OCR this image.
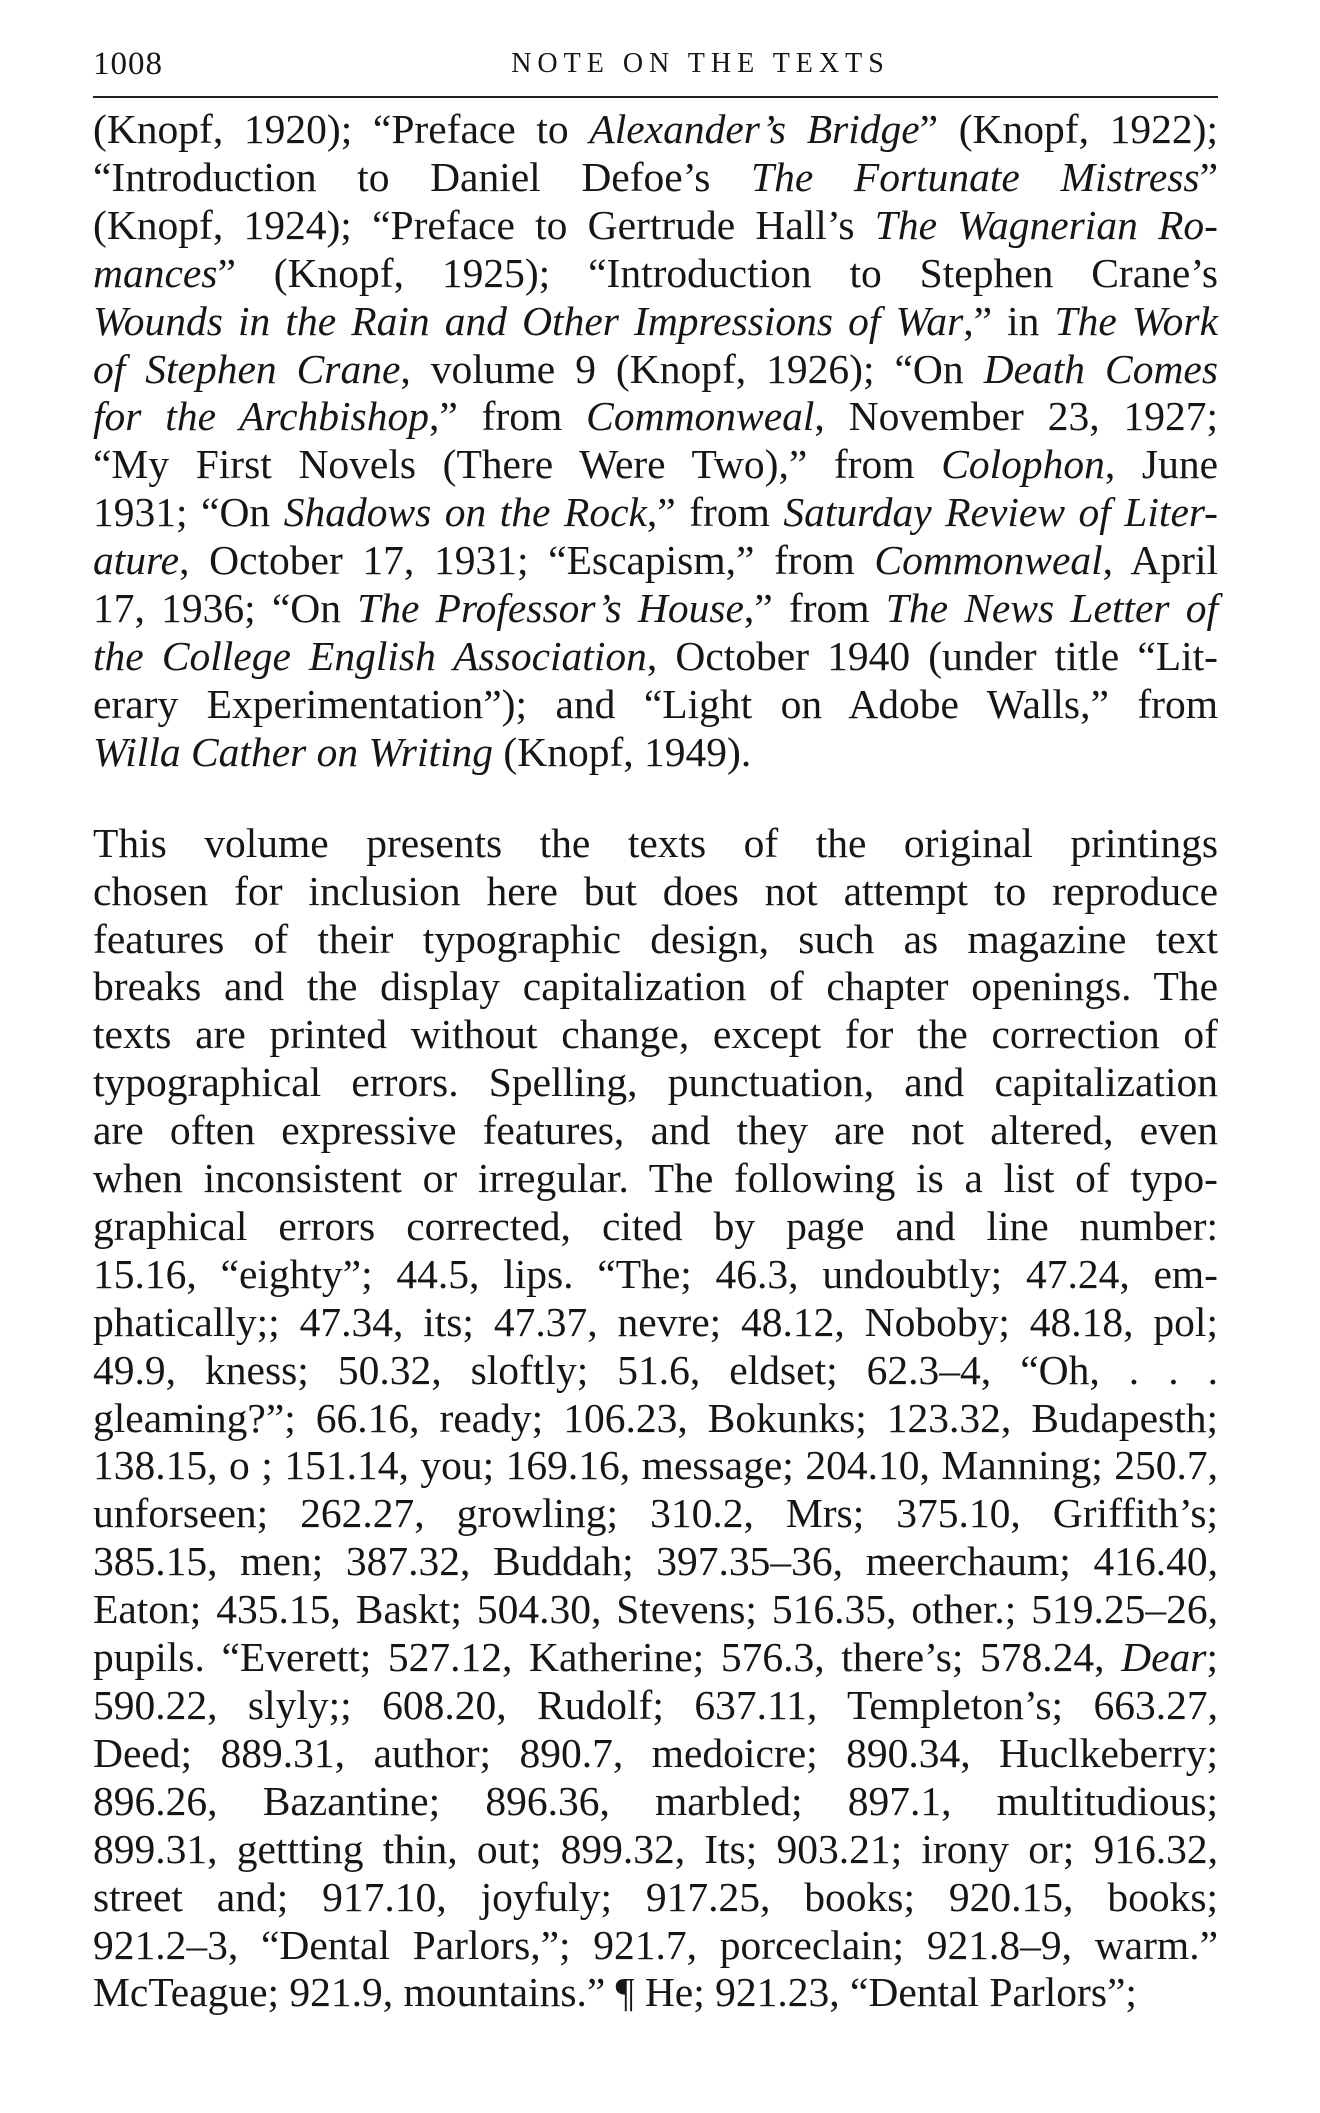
1008	NOTE ON THE TEXTS

(Knopf, 1920); “Preface to Alexander’s Bridge” (Knopf, 1922);
“Introduction to Daniel Defoe’s The Fortunate Mistress”
(Knopf, 1924); “Preface to Gertrude Hall’s The Wagnerian Ro-
mances” (Knopf, 1925); “Introduction to Stephen Crane’s
Wounds in the Rain and Other Impressions of War,” in The Work
of Stephen Crane, volume 9 (Knopf, 1926); “On Death Comes
for the Archbishop,” from Commonweal, November 23, 1927;
“My First Novels (There Were Two),” from Colophon, June
1931; “On Shadows on the Rock,” from Saturday Review of Liter-
ature, October 17, 1931; “Escapism,” from Commonweal, April
17, 1936; “On The Professor’s House,” from The News Letter of
the College English Association, October 1940 (under title “Lit-
erary Experimentation”); and “Light on Adobe Walls,” from
Willa Cather on Writing (Knopf, 1949).

This volume presents the texts of the original printings
chosen for inclusion here but does not attempt to reproduce
features of their typographic design, such as magazine text
breaks and the display capitalization of chapter openings. The
texts are printed without change, except for the correction of
typographical errors. Spelling, punctuation, and capitalization
are often expressive features, and they are not altered, even
when inconsistent or irregular. The following is a list of typo-
graphical errors corrected, cited by page and line number:
15.16, “eighty”; 44.5, lips. “The; 46.3, undoubtly; 47.24, em-
phatically;; 47.34, its; 47.37, nevre; 48.12, Noboby; 48.18, pol;
49.9, kness; 50.32, sloftly; 51.6, eldset; 62.3–4, “Oh, . . .
gleaming?”; 66.16, ready; 106.23, Bokunks; 123.32, Budapesth;
138.15, o ; 151.14, you; 169.16, message; 204.10, Manning; 250.7,
unforseen; 262.27, growling; 310.2, Mrs; 375.10, Griffith’s;
385.15, men; 387.32, Buddah; 397.35–36, meerchaum; 416.40,
Eaton; 435.15, Baskt; 504.30, Stevens; 516.35, other.; 519.25–26,
pupils. “Everett; 527.12, Katherine; 576.3, there’s; 578.24, Dear;
590.22, slyly;; 608.20, Rudolf; 637.11, Templeton’s; 663.27,
Deed; 889.31, author; 890.7, medoicre; 890.34, Huclkeberry;
896.26, Bazantine; 896.36, marbled; 897.1, multitudious;
899.31, gettting thin, out; 899.32, Its; 903.21; irony or; 916.32,
street and; 917.10, joyfuly; 917.25, books; 920.15, books;
921.2–3, “Dental Parlors,”; 921.7, porceclain; 921.8–9, warm.”
McTeague; 921.9, mountains.” ¶ He; 921.23, “Dental Parlors”;
